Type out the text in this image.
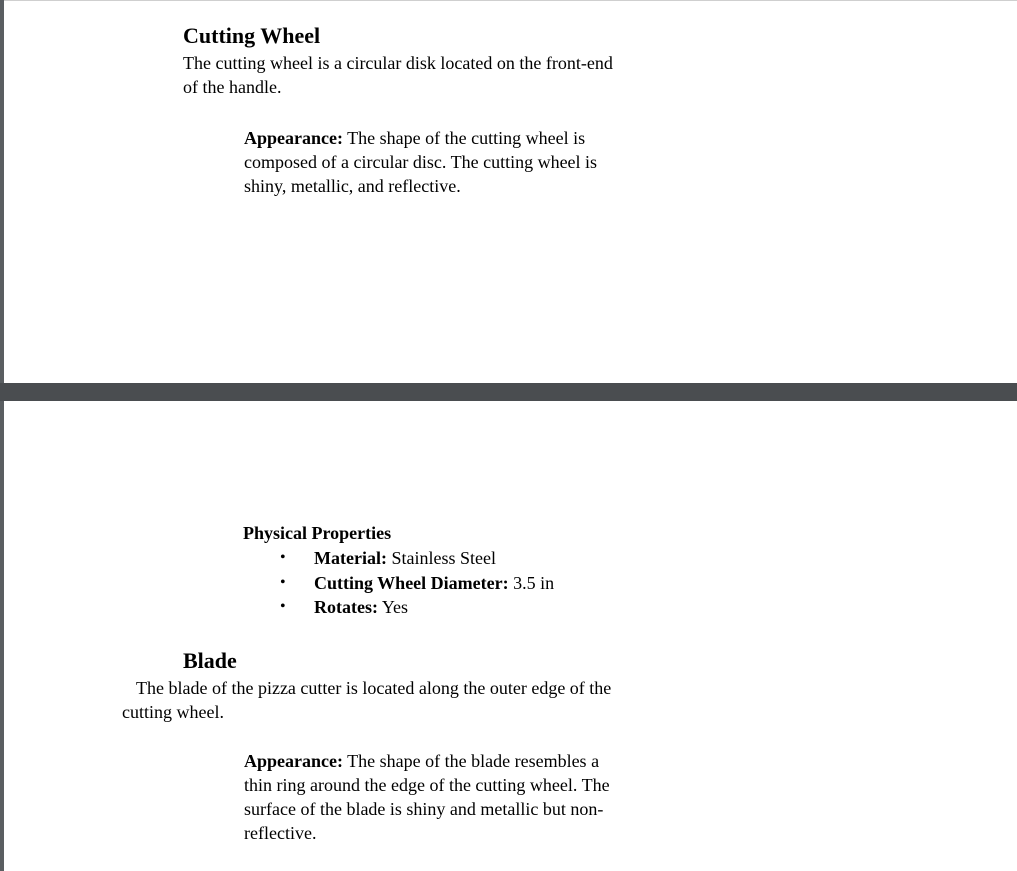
Cutting Wheel

The cutting wheel is a circular disk located on the front-end
of the handle.

Appearance: The shape of the cutting wheel is
composed of a circular disc. The cutting wheel is
shiny, metallic, and reflective.

Physical Properties
• Material: Stainless Steel
• Cutting Wheel Diameter: 3.5 in
• Rotates: Yes
Blade

The blade of the pizza cutter is located along the outer edge of the
cutting wheel.

Appearance: The shape of the blade resembles a
thin ring around the edge of the cutting wheel. The
surface of the blade is shiny and metallic but non-
reflective.
